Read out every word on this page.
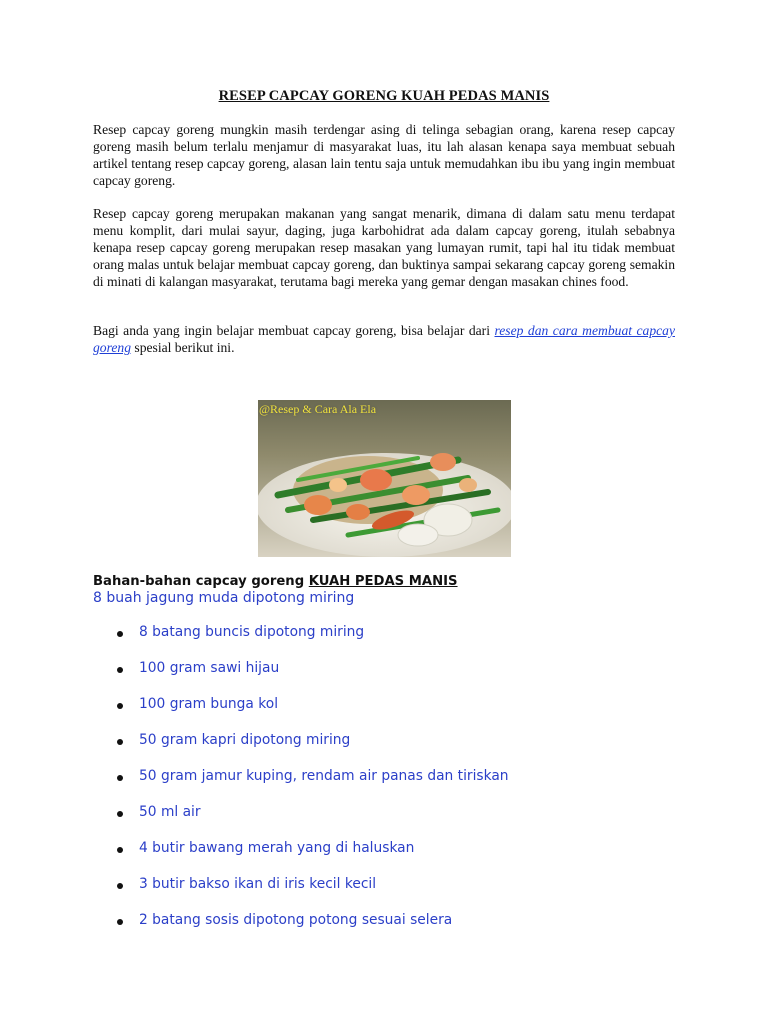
RESEP CAPCAY GORENG KUAH PEDAS MANIS
Resep capcay goreng mungkin masih terdengar asing di telinga sebagian orang, karena resep capcay goreng masih belum terlalu menjamur di masyarakat luas, itu lah alasan kenapa saya membuat sebuah artikel tentang resep capcay goreng, alasan lain tentu saja untuk memudahkan ibu ibu yang ingin membuat capcay goreng.
Resep capcay goreng merupakan makanan yang sangat menarik, dimana di dalam satu menu terdapat menu komplit, dari mulai sayur, daging, juga karbohidrat ada dalam capcay goreng, itulah sebabnya kenapa resep capcay goreng merupakan resep masakan yang lumayan rumit, tapi hal itu tidak membuat orang malas untuk belajar membuat capcay goreng, dan buktinya sampai sekarang capcay goreng semakin di minati di kalangan masyarakat, terutama bagi mereka yang gemar dengan masakan chines food.
Bagi anda yang ingin belajar membuat capcay goreng, bisa belajar dari resep dan cara membuat capcay goreng spesial berikut ini.
@Resep & Cara Ala Ela
Bahan-bahan capcay goreng KUAH PEDAS MANIS
8 buah jagung muda dipotong miring
8 batang buncis dipotong miring
100 gram sawi hijau
100 gram bunga kol
50 gram kapri dipotong miring
50 gram jamur kuping, rendam air panas dan tiriskan
50 ml air
4 butir bawang merah yang di haluskan
3 butir bakso ikan di iris kecil kecil
2 batang sosis dipotong potong sesuai selera
